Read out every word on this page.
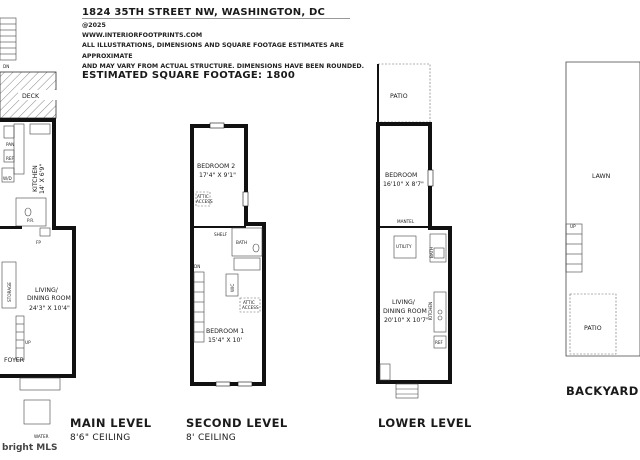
1824 35TH STREET NW, WASHINGTON, DC
@2025
WWW.INTERIORFOOTPRINTS.COM
ALL ILLUSTRATIONS, DIMENSIONS AND SQUARE FOOTAGE ESTIMATES ARE APPROXIMATE
AND MAY VARY FROM ACTUAL STRUCTURE. DIMENSIONS HAVE BEEN ROUNDED.
ESTIMATED SQUARE FOOTAGE: 1800
DN
DECK
PAN
REF
W/D	KITCHEN 14' X 6'9"
P.R.
FP
STORAGE	LIVING/
DINING ROOM
24'3" X 10'4"
UP
FOYER
WATER
BEDROOM 2
17'4" X 9'1"
ATTIC
ACCESS
SHELF
BATH
DN
WIC
ATTIC
ACCESS
BEDROOM 1
15'4" X 10'
PATIO
BEDROOM
16'10" X 8'7"
MANTEL
UTILITY
BATH
LIVING/
DINING ROOM
20'10" X 10'7"
KITCHEN
REF
LAWN
UP
PATIO
MAIN LEVEL
8'6" CEILING
SECOND LEVEL
8' CEILING
LOWER LEVEL
BACKYARD
bright MLS
